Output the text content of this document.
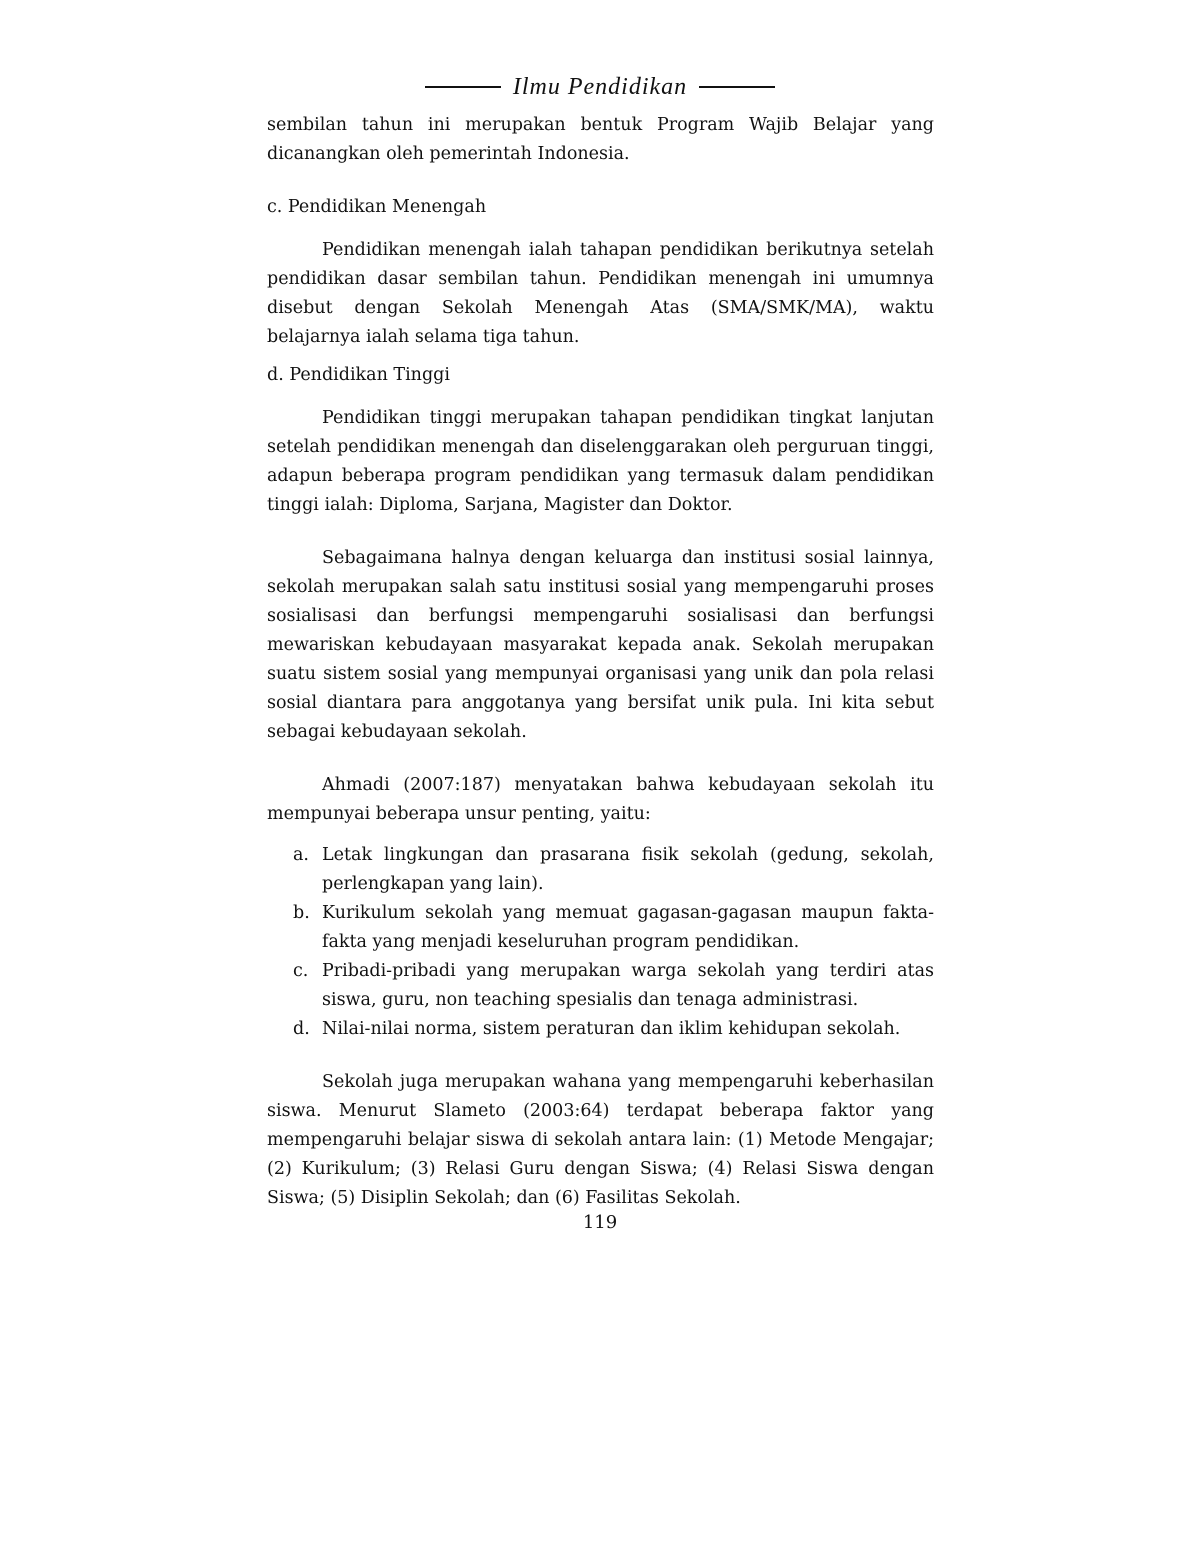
Ilmu Pendidikan

sembilan tahun ini merupakan bentuk Program Wajib Belajar yang dicanangkan oleh pemerintah Indonesia.

c. Pendidikan Menengah

Pendidikan menengah ialah tahapan pendidikan berikutnya setelah pendidikan dasar sembilan tahun. Pendidikan menengah ini umumnya disebut dengan Sekolah Menengah Atas (SMA/SMK/MA), waktu belajarnya ialah selama tiga tahun.

d. Pendidikan Tinggi

Pendidikan tinggi merupakan tahapan pendidikan tingkat lanjutan setelah pendidikan menengah dan diselenggarakan oleh perguruan tinggi, adapun beberapa program pendidikan yang termasuk dalam pendidikan tinggi ialah: Diploma, Sarjana, Magister dan Doktor.

Sebagaimana halnya dengan keluarga dan institusi sosial lainnya, sekolah merupakan salah satu institusi sosial yang mempengaruhi proses sosialisasi dan berfungsi mempengaruhi sosialisasi dan berfungsi mewariskan kebudayaan masyarakat kepada anak. Sekolah merupakan suatu sistem sosial yang mempunyai organisasi yang unik dan pola relasi sosial diantara para anggotanya yang bersifat unik pula. Ini kita sebut sebagai kebudayaan sekolah.

Ahmadi (2007:187) menyatakan bahwa kebudayaan sekolah itu mempunyai beberapa unsur penting, yaitu:

a. Letak lingkungan dan prasarana fisik sekolah (gedung, sekolah, perlengkapan yang lain).
b. Kurikulum sekolah yang memuat gagasan-gagasan maupun fakta-fakta yang menjadi keseluruhan program pendidikan.
c. Pribadi-pribadi yang merupakan warga sekolah yang terdiri atas siswa, guru, non teaching spesialis dan tenaga administrasi.
d. Nilai-nilai norma, sistem peraturan dan iklim kehidupan sekolah.

Sekolah juga merupakan wahana yang mempengaruhi keberhasilan siswa. Menurut Slameto (2003:64) terdapat beberapa faktor yang mempengaruhi belajar siswa di sekolah antara lain: (1) Metode Mengajar; (2) Kurikulum; (3) Relasi Guru dengan Siswa; (4) Relasi Siswa dengan Siswa; (5) Disiplin Sekolah; dan (6) Fasilitas Sekolah.

119
